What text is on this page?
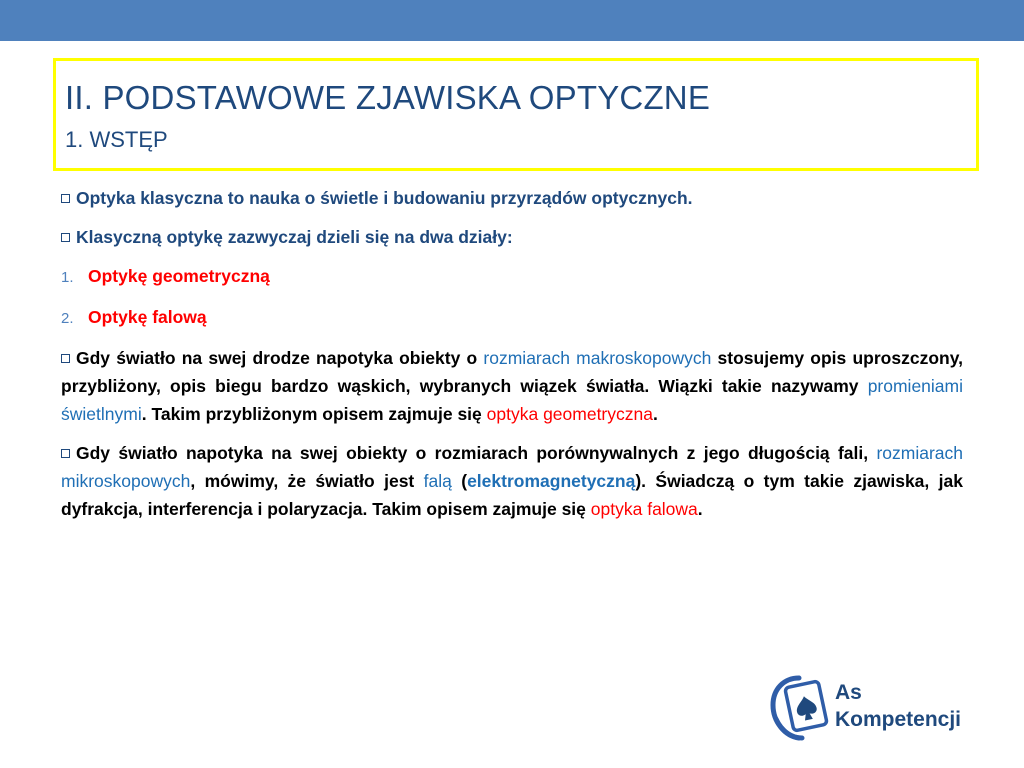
II. PODSTAWOWE ZJAWISKA OPTYCZNE
1. WSTĘP

Optyka klasyczna to nauka o świetle i budowaniu przyrządów optycznych.

Klasyczną optykę zazwyczaj dzieli się na dwa działy:

1. Optykę geometryczną

2. Optykę falową

Gdy światło na swej drodze napotyka obiekty o rozmiarach makroskopowych stosujemy opis uproszczony, przybliżony, opis biegu bardzo wąskich, wybranych wiązek światła. Wiązki takie nazywamy promieniami świetlnymi. Takim przybliżonym opisem zajmuje się optyka geometryczna.

Gdy światło napotyka na swej obiekty o rozmiarach porównywalnych z jego długością fali, rozmiarach mikroskopowych, mówimy, że światło jest falą (elektromagnetyczną). Świadczą o tym takie zjawiska, jak dyfrakcja, interferencja i polaryzacja. Takim opisem zajmuje się optyka falowa.

As
Kompetencji
